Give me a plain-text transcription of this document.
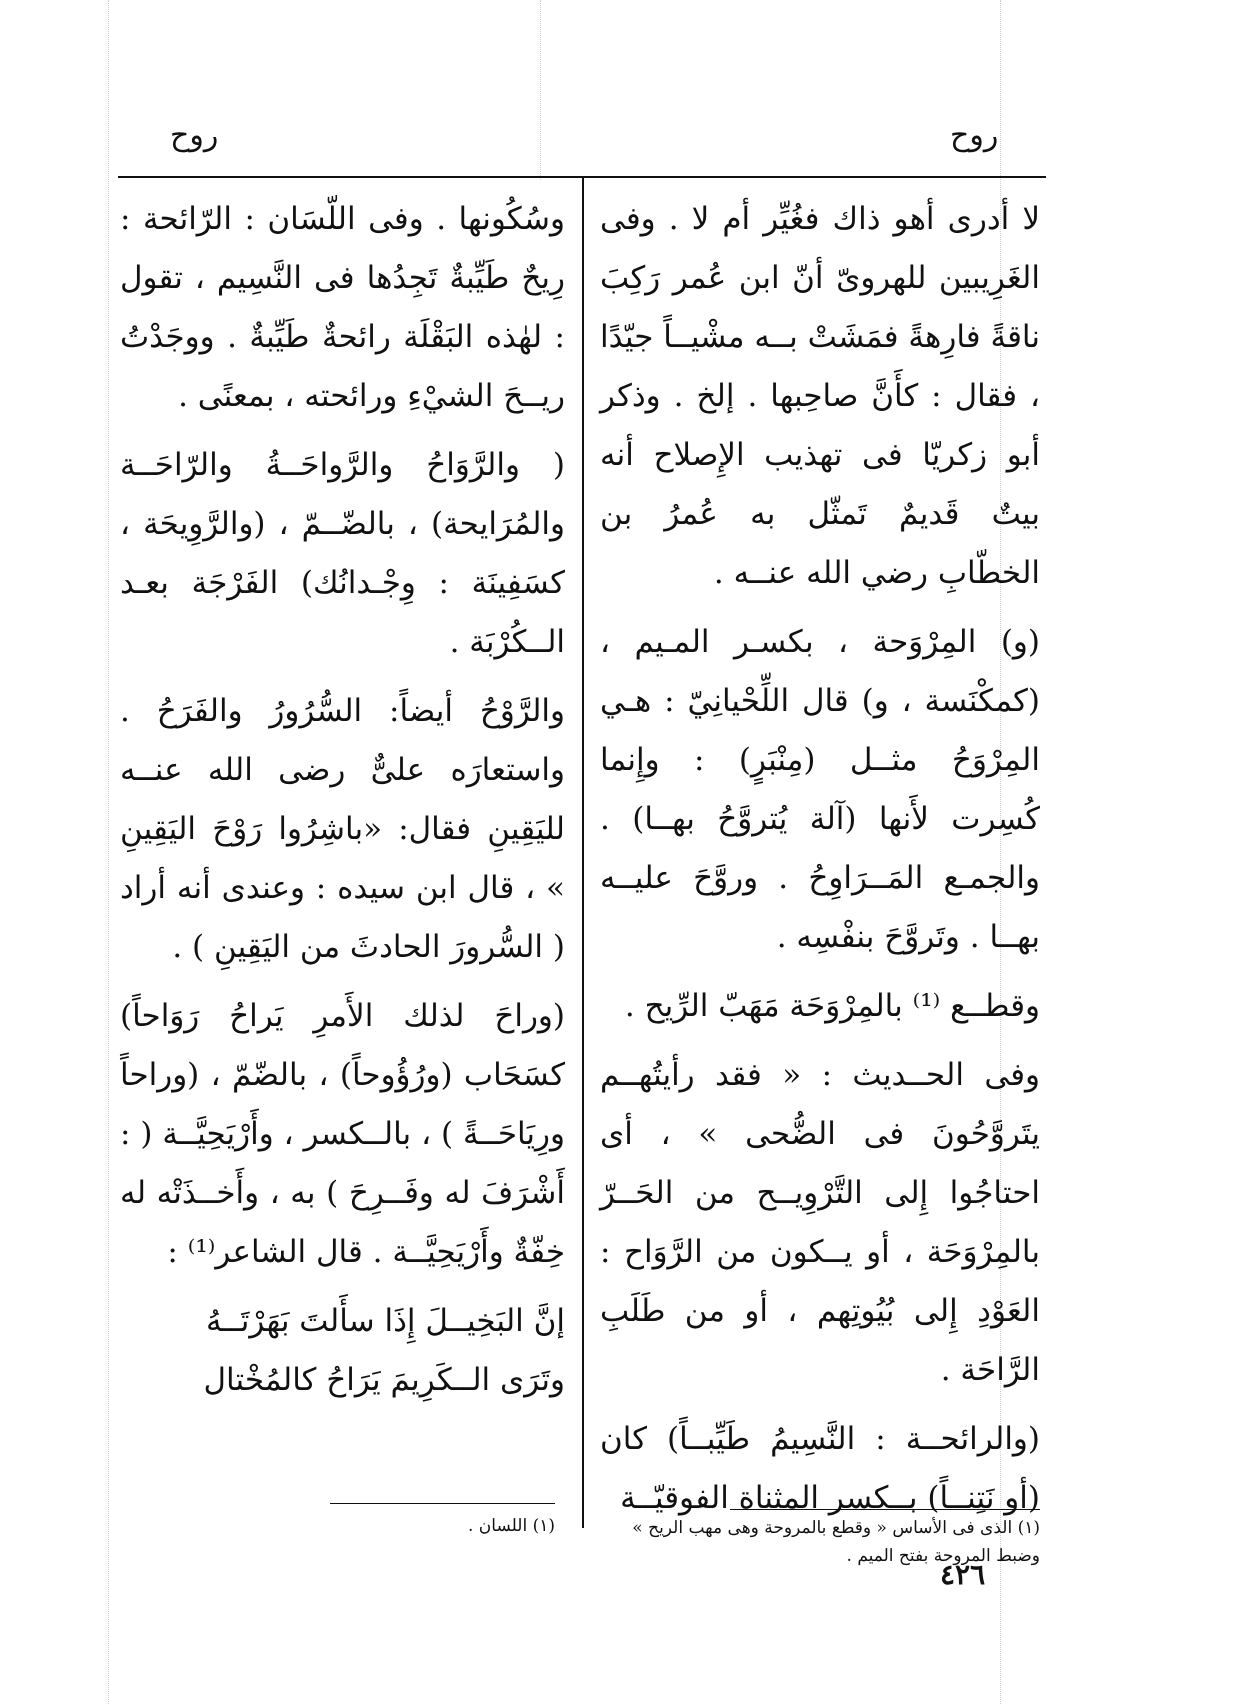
روح	روح

لا أدرى أهو ذاك فغُيِّر أم لا . وفى الغَرِيبين للهروىّ أنّ ابن عُمر رَكِبَ ناقةً فارِهةً فمَشَتْ بــه مشْيــاً جيّدًا ، فقال : كأَنَّ صاحِبها . إلخ . وذكر أبو زكريّا فى تهذيب الإِصلاح أنه بيتٌ قَديمٌ تَمثّل به عُمرُ بن الخطّابِ رضي الله عنــه .

(و) المِرْوَحة ، بكسـر المـيم ، (كمكْنَسة ، و) قال اللِّحْيانِيّ : هـي المِرْوَحُ مثــل (مِنْبَرٍ) : وإِنما كُسِرت لأَنها (آلة يُتروَّحُ بهــا) . والجمـع المَــرَاوِحُ . وروَّحَ عليــه بهــا . وتَروَّحَ بنفْسِه .

وقطــع ⁽¹⁾ بالمِرْوَحَة مَهَبّ الرِّيح .

وفى الحــديث : « فقد رأيتُهــم يتَروَّحُونَ فى الضُّحى » ، أى احتاجُوا إِلى التَّرْوِيــح من الحَــرّ بالمِرْوَحَة ، أو يــكون من الرَّوَاح : العَوْدِ إِلى بُيُوتِهم ، أو من طَلَبِ الرَّاحَة .

(والرائحــة : النَّسِيمُ طَيِّبــاً) كان (أو نَتِنــاً) بــكسر المثناة الفوقيّــة

وسُكُونها . وفى اللّسَان : الرّائحة : رِيحٌ طَيِّبةٌ تَجِدُها فى النَّسِيم ، تقول : لهٰذه البَقْلَة رائحةٌ طَيِّبةٌ . ووجَدْتُ ريــحَ الشيْءِ ورائحته ، بمعنًى .

( والرَّوَاحُ والرَّواحَــةُ والرّاحَــة والمُرَايحة) ، بالضّــمّ ، (والرَّوِيحَة ، كسَفِينَة : وِجْـدانُك) الفَرْجَة بعـد الــكُرْبَة .

والرَّوْحُ أيضاً: السُّرُورُ والفَرَحُ . واستعارَه علىٌّ رضى الله عنــه لليَقِينِ فقال: «باشِرُوا رَوْحَ اليَقِينِ » ، قال ابن سيده : وعندى أنه أراد ( السُّرورَ الحادثَ من اليَقِينِ ) .

(وراحَ لذلك الأَمرِ يَراحُ رَوَاحاً) كسَحَاب (ورُؤُوحاً) ، بالضّمّ ، (وراحاً ورِيَاحَــةً ) ، بالــكسر ، وأَرْيَحِيَّــة ( : أَشْرَفَ له وفَــرِحَ ) به ، وأَخــذَتْه له خِفّةٌ وأَرْيَحِيَّــة . قال الشاعر⁽¹⁾ :

إنَّ البَخِيــلَ إِذَا سأَلتَ بَهَرْتَــهُ

وتَرَى الــكَرِيمَ يَرَاحُ كالمُخْتال

(١) الذى فى الأساس « وقطع بالمروحة وهى مهب الريح » وضبط المروحة بفتح الميم .
(١) اللسان .
٤٢٦
